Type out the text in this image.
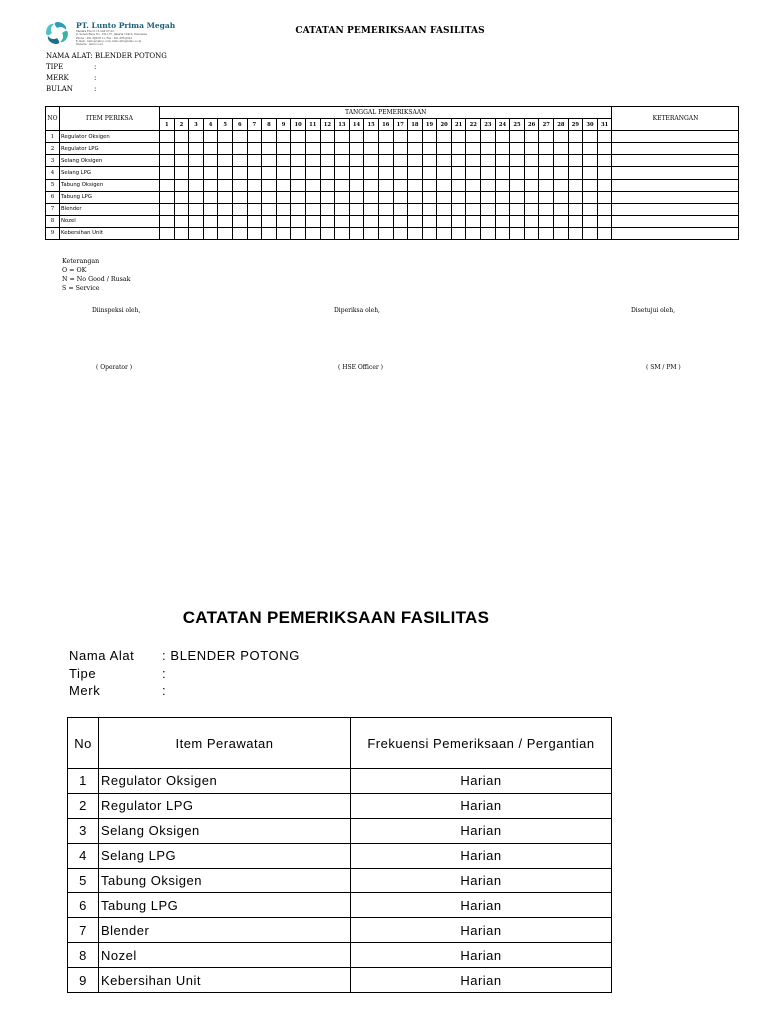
PT. Lunto Prima Megah
Menara Era Lt 13 unit 07-02
Jl. Senen Raya No. 135-137, Jakarta 10410, Indonesia
Phone : 021-386 8111, Fax : 021-386 8222
E-mail : lunto@yahoo.com, lunto.info@lunto.co.id
Website : lunto.co.id
CATATAN PEMERIKSAAN FASILITAS
NAMA ALAT: BLENDER POTONG
TIPE	:
MERK	:
BULAN	:
NO	ITEM PERIKSA	TANGGAL PEMERIKSAAN																															KETERANGAN
		1	2	3	4	5	6	7	8	9	10	11	12	13	14	15	16	17	18	19	20	21	22	23	24	25	26	27	28	29	30	31	
1	Regulator Oksigen																																
2	Regulator LPG																																
3	Selang Oksigen																																
4	Selang LPG																																
5	Tabung Oksigen																																
6	Tabung LPG																																
7	Blender																																
8	Nozel																																
9	Kebersihan Unit																																
Keterangan
O = OK
N = No Good / Rusak
S = Service
Diinspeksi oleh,	Diperiksa oleh,	Disetujui oleh,
( Operator )	( HSE Officer )	( SM / PM )
CATATAN PEMERIKSAAN FASILITAS
Nama Alat	: BLENDER POTONG
Tipe	:
Merk	:
No	Item Perawatan	Frekuensi Pemeriksaan / Pergantian
1	Regulator Oksigen	Harian
2	Regulator LPG	Harian
3	Selang Oksigen	Harian
4	Selang LPG	Harian
5	Tabung Oksigen	Harian
6	Tabung LPG	Harian
7	Blender	Harian
8	Nozel	Harian
9	Kebersihan Unit	Harian
